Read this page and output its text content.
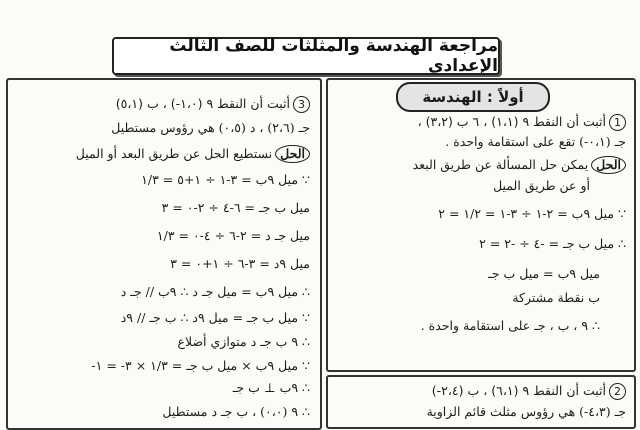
مراجعة الهندسة والمثلثات للصف الثالث الإعدادي
أولاً : الهندسة
1أثبت أن النقط ٩ (١،١) ، ٦ ب (٣،٢) ،
جـ (٠،١-) تقع على استقامة واحدة .
الحليمكن حل المسألة عن طريق البعد
أو عن طريق الميل
∵ ميل ٩ب = ٢-١ ÷ ٣-١ = ١/٢ = ٢
∴ ميل ب جـ = -٤ ÷ -٢ = ٢
ميل ٩ب = ميل ب جـ
ب نقطة مشتركة
∴ ٩ ، ب ، جـ على استقامة واحدة .
2أثبت أن النقط ٩ (٦،١) ، ب (٢،٤-)
جـ (٤،٣-) هي رؤوس مثلث قائم الزاوية
3أثبت أن النقط ٩ (١،٠-) ، ب (٥،١)
جـ (٢،٦) ، د (٠،٥) هي رؤوس مستطيل
الحلنستطيع الحل عن طريق البعد أو الميل
∵ ميل ٩ب = ٣-١ ÷ ١+٥ = ١/٣
ميل ب جـ = ٦-٤ ÷ ٢-٠ = ٣
ميل جـ د = ٢-٦ ÷ ٤-٠ = ١/٣
ميل ٩د = ٣-٦ ÷ ١+٠ = ٣
∴ ميل ٩ب = ميل جـ د ∴ ٩ب // جـ د
∵ ميل ب جـ = ميل ٩د ∴ ب جـ // ٩د
∴ ٩ ب جـ د متوازي أضلاع
∵ ميل ٩ب × ميل ب جـ = ١/٣ × ٣- = ١-
∴ ٩ب ⊥ ب جـ
∴ ٩ (٠،٠) ، ب جـ د مستطيل
